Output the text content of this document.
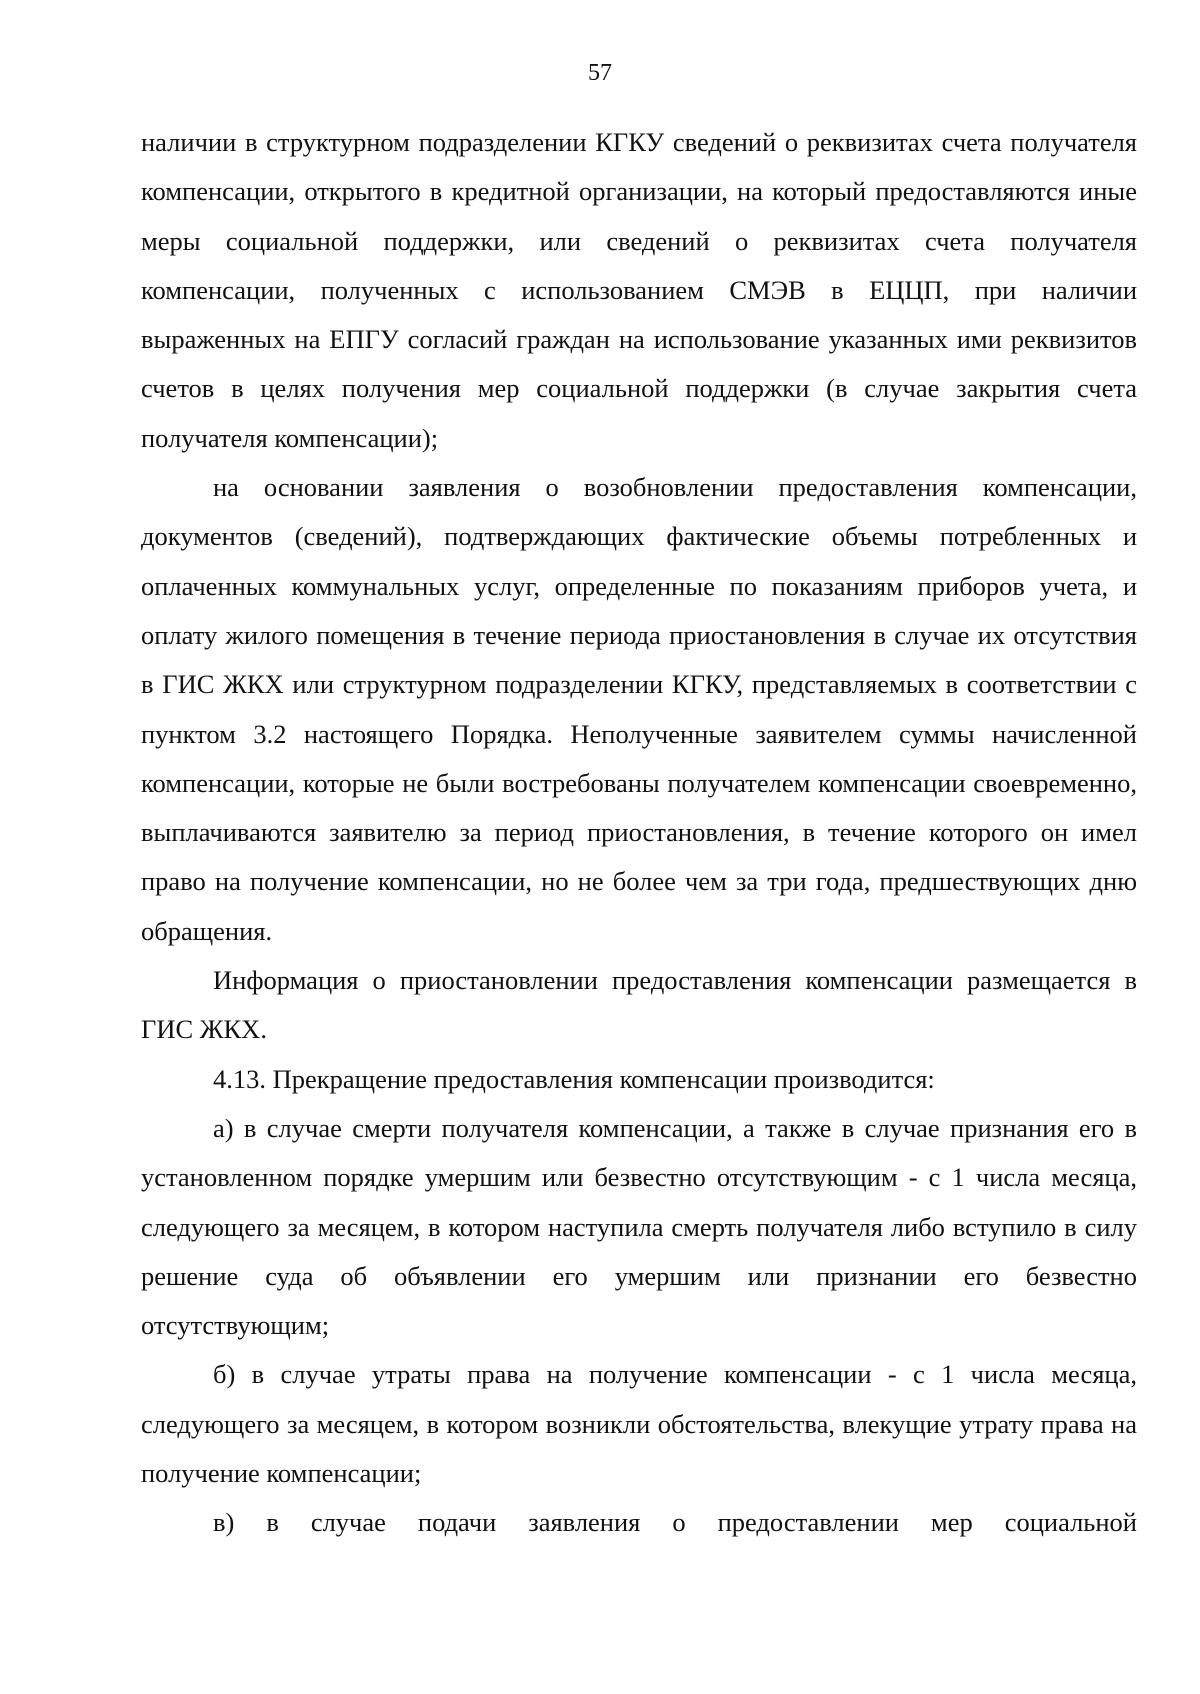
57

наличии в структурном подразделении КГКУ сведений о реквизитах счета получателя компенсации, открытого в кредитной организации, на который предоставляются иные меры социальной поддержки, или сведений о реквизитах счета получателя компенсации, полученных с использованием СМЭВ в ЕЦЦП, при наличии выраженных на ЕПГУ согласий граждан на использование указанных ими реквизитов счетов в целях получения мер социальной поддержки (в случае закрытия счета получателя компенсации);

на основании заявления о возобновлении предоставления компенсации, документов (сведений), подтверждающих фактические объемы потребленных и оплаченных коммунальных услуг, определенные по показаниям приборов учета, и оплату жилого помещения в течение периода приостановления в случае их отсутствия в ГИС ЖКХ или структурном подразделении КГКУ, представляемых в соответствии с пунктом 3.2 настоящего Порядка. Неполученные заявителем суммы начисленной компенсации, которые не были востребованы получателем компенсации своевременно, выплачиваются заявителю за период приостановления, в течение которого он имел право на получение компенсации, но не более чем за три года, предшествующих дню обращения.

Информация о приостановлении предоставления компенсации размещается в ГИС ЖКХ.

4.13. Прекращение предоставления компенсации производится:

а) в случае смерти получателя компенсации, а также в случае признания его в установленном порядке умершим или безвестно отсутствующим - с 1 числа месяца, следующего за месяцем, в котором наступила смерть получателя либо вступило в силу решение суда об объявлении его умершим или признании его безвестно отсутствующим;

б) в случае утраты права на получение компенсации - с 1 числа месяца, следующего за месяцем, в котором возникли обстоятельства, влекущие утрату права на получение компенсации;

в) в случае подачи заявления о предоставлении мер социальной
